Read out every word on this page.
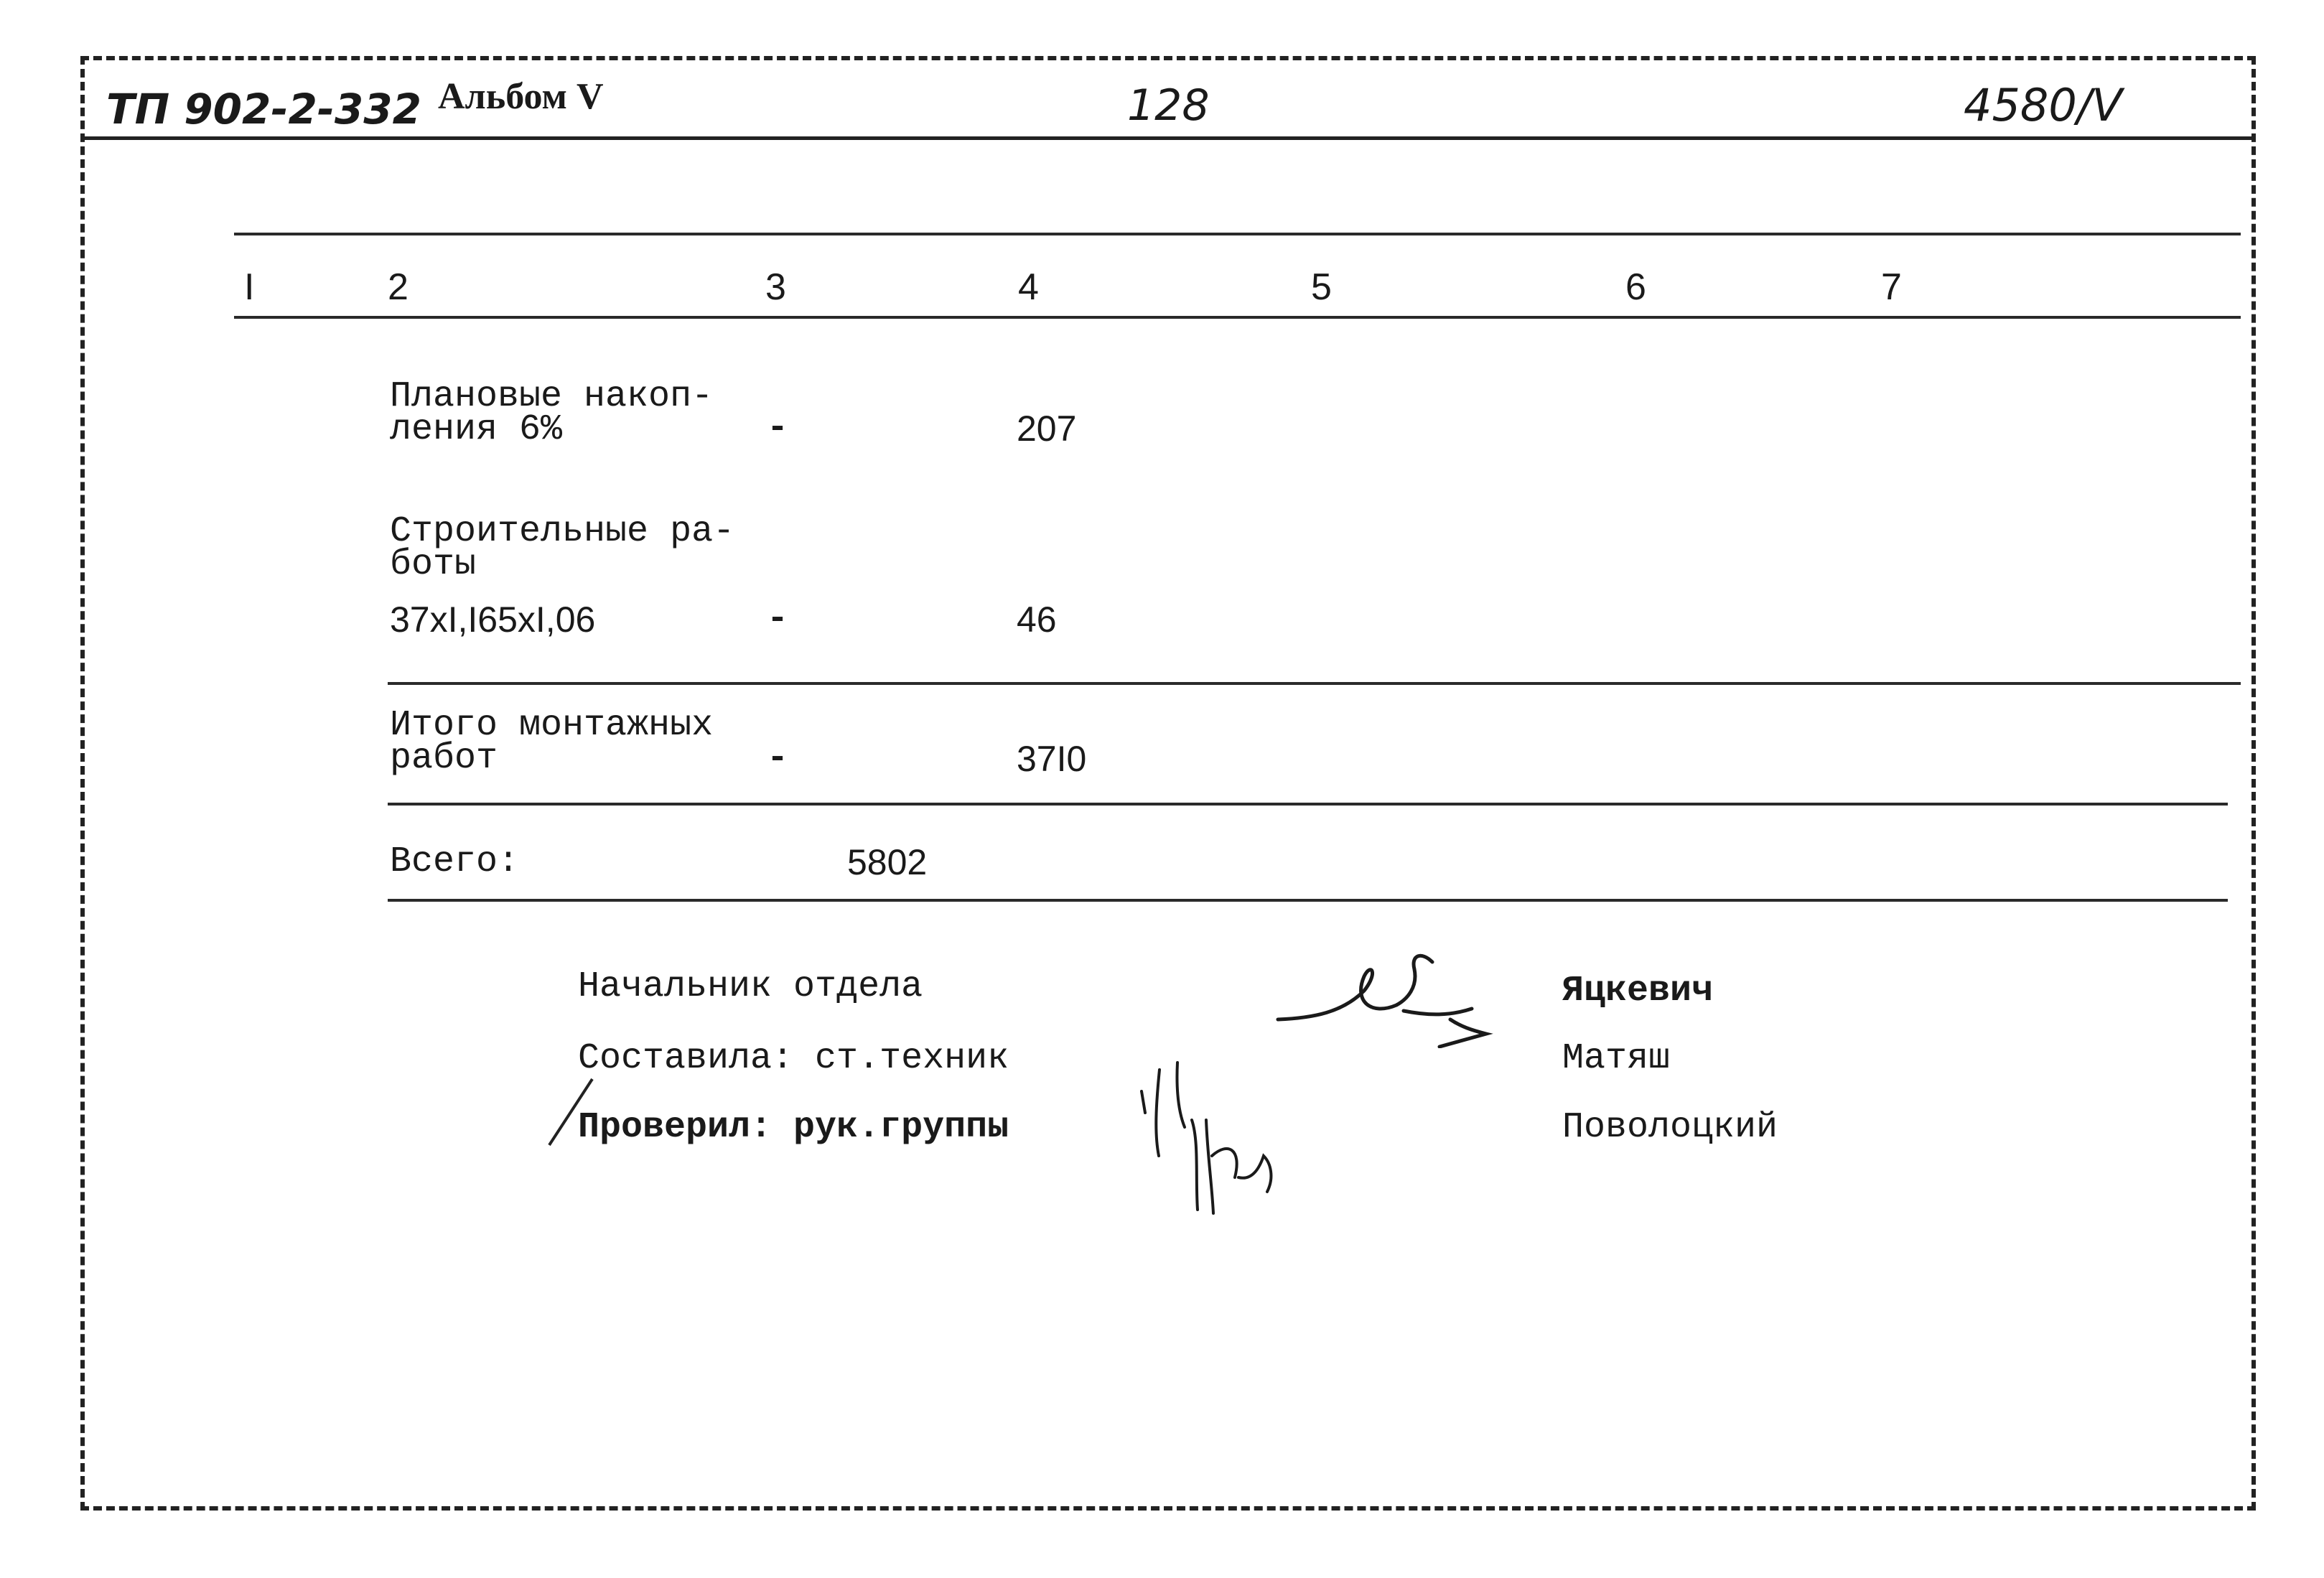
ТП 902-2-332 Альбом V	128	4580/V
I	2	3	4	5	6	7
Плановые накоп-
ления 6%	-	207
Строительные ра-
боты
37хI,I65хI,06	-	46
Итого монтажных
работ	-	37I0
Всего:	5802
Начальник отдела	Яцкевич
Составила: ст.техник	Матяш
Проверил: рук.группы	Поволоцкий
